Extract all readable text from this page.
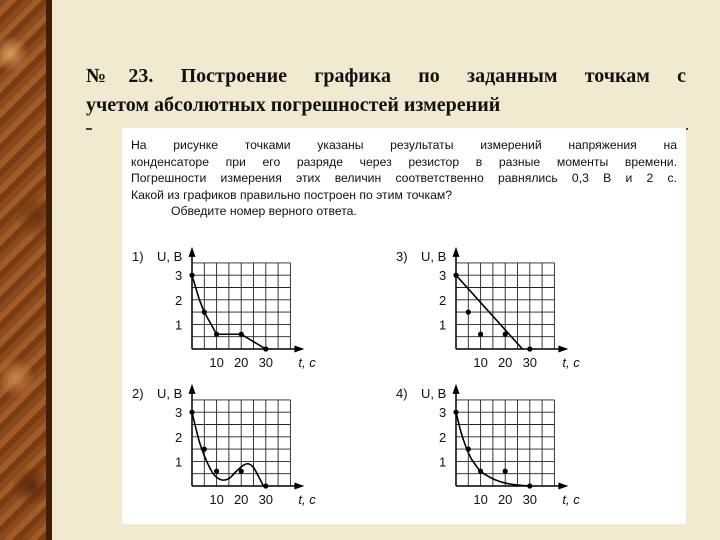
№23. Построение графика по заданным точкам с
учетом абсолютных погрешностей измерений
На рисунке точками указаны результаты измерений напряжения на
конденсаторе при его разряде через резистор в разные моменты времени.
Погрешности измерения этих величин соответственно равнялись 0,3 В и 2 с.
Какой из графиков правильно построен по этим точкам?
Обведите номер верного ответа.
1) U, В
t, с
1
2
3
10 20 30
3) U, В
t, с
1
2
3
10 20 30
2) U, В
t, с
1
2
3
10 20 30
4) U, В
t, с
1
2
3
10 20 30
